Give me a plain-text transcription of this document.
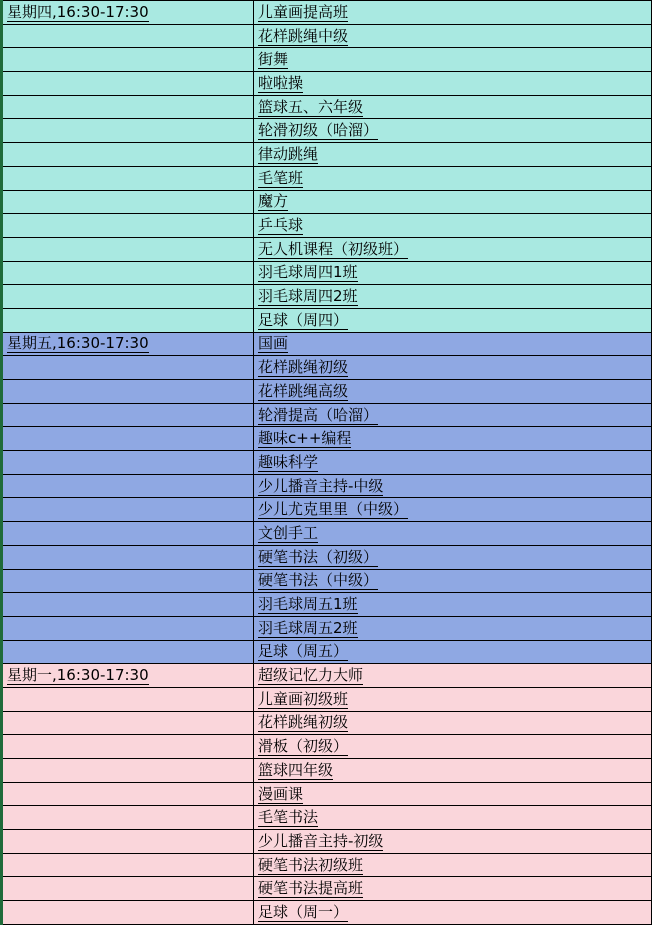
星期四,16:30-17:30	儿童画提高班
	花样跳绳中级
	街舞
	啦啦操
	篮球五、六年级
	轮滑初级（哈溜）
	律动跳绳
	毛笔班
	魔方
	乒乓球
	无人机课程（初级班）
	羽毛球周四1班
	羽毛球周四2班
	足球（周四）
星期五,16:30-17:30	国画
	花样跳绳初级
	花样跳绳高级
	轮滑提高（哈溜）
	趣味c++编程
	趣味科学
	少儿播音主持-中级
	少儿尤克里里（中级）
	文创手工
	硬笔书法（初级）
	硬笔书法（中级）
	羽毛球周五1班
	羽毛球周五2班
	足球（周五）
星期一,16:30-17:30	超级记忆力大师
	儿童画初级班
	花样跳绳初级
	滑板（初级）
	篮球四年级
	漫画课
	毛笔书法
	少儿播音主持-初级
	硬笔书法初级班
	硬笔书法提高班
	足球（周一）
